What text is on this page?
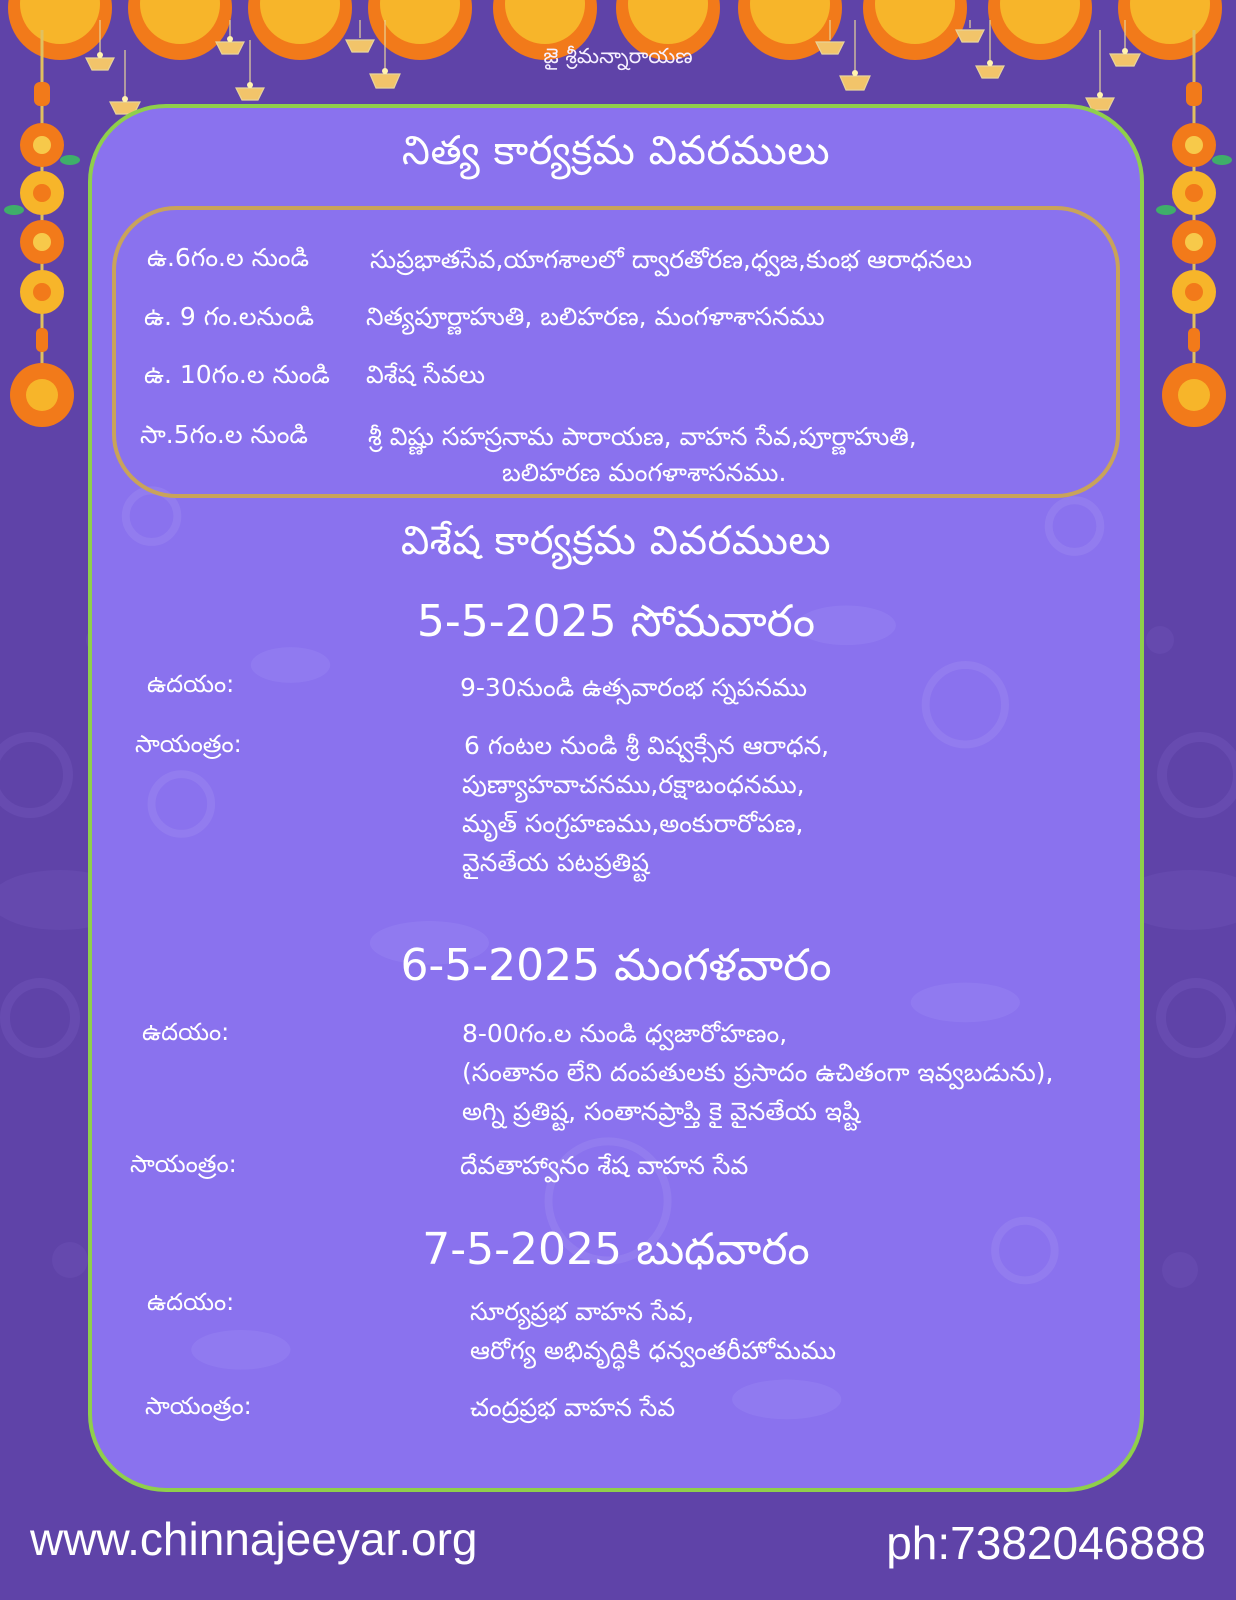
జై శ్రీమన్నారాయణ
నిత్య కార్యక్రమ వివరములు
ఉ.6గం.ల నుండి సుప్రభాతసేవ,యాగశాలలో ద్వారతోరణ,ధ్వజ,కుంభ ఆరాధనలు
ఉ. 9 గం.లనుండి నిత్యపూర్ణాహుతి, బలిహరణ, మంగళాశాసనము
ఉ. 10గం.ల నుండి విశేష సేవలు
సా.5గం.ల నుండి శ్రీ విష్ణు సహస్రనామ పారాయణ, వాహన సేవ,పూర్ణాహుతి,
బలిహరణ మంగళాశాసనము.
విశేష కార్యక్రమ వివరములు
5-5-2025 సోమవారం
ఉదయం:	9-30నుండి ఉత్సవారంభ స్నపనము
సాయంత్రం:	6 గంటల నుండి శ్రీ విష్వక్సేన ఆరాధన,
పుణ్యాహవాచనము,రక్షాబంధనము,
మృత్ సంగ్రహణము,అంకురారోపణ,
వైనతేయ పటప్రతిష్ట
6-5-2025 మంగళవారం
ఉదయం:	8-00గం.ల నుండి ధ్వజారోహణం,
(సంతానం లేని దంపతులకు ప్రసాదం ఉచితంగా ఇవ్వబడును),
అగ్ని ప్రతిష్ట, సంతానప్రాప్తి కై వైనతేయ ఇష్టి
సాయంత్రం:	దేవతాహ్వానం శేష వాహన సేవ
7-5-2025 బుధవారం
ఉదయం:	సూర్యప్రభ వాహన సేవ,
ఆరోగ్య అభివృద్ధికి ధన్వంతరీహోమము
సాయంత్రం:	చంద్రప్రభ వాహన సేవ
www.chinnajeeyar.org	ph:7382046888
